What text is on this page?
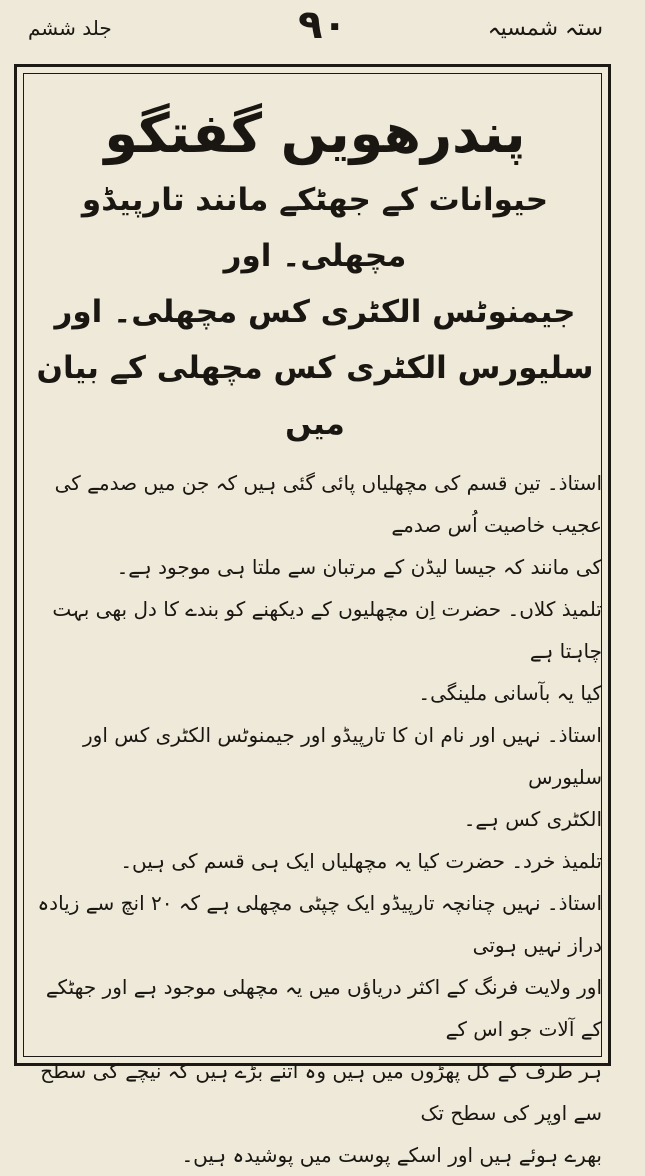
جلد ششم	۹۰	ستہ شمسیہ
پندرھویں گفتگو
حیوانات کے جھٹکے مانند تارپیڈو مچھلی۔ اور
جیمنوٹس الکٹری کس مچھلی۔ اور
سلیورس الکٹری کس مچھلی کے بیان میں

استاذ۔ تین قسم کی مچھلیاں پائی گئی ہیں کہ جن میں صدمے کی عجیب خاصیت اُس صدمے

کی مانند کہ جیسا لیڈن کے مرتبان سے ملتا ہی موجود ہے۔

تلمیذ کلاں۔ حضرت اِن مچھلیوں کے دیکھنے کو بندے کا دل بھی بہت چاہتا ہے

کیا یہ بآسانی ملینگی۔

استاذ۔ نہیں اور نام ان کا تارپیڈو اور جیمنوٹس الکٹری کس اور سلیورس

الکٹری کس ہے۔

تلمیذ خرد۔ حضرت کیا یہ مچھلیاں ایک ہی قسم کی ہیں۔

استاذ۔ نہیں چنانچہ تارپیڈو ایک چپٹی مچھلی ہے کہ ۲۰ انچ سے زیادہ دراز نہیں ہوتی

اور ولایت فرنگ کے اکثر دریاؤں میں یہ مچھلی موجود ہے اور جھٹکے کے آلات جو اس کے

ہر طرف کے کل پھڑوں میں ہیں وہ اتنے بڑے ہیں کہ نیچے کی سطح سے اوپر کی سطح تک

بھرے ہوئے ہیں اور اسکے پوست میں پوشیدہ ہیں۔
